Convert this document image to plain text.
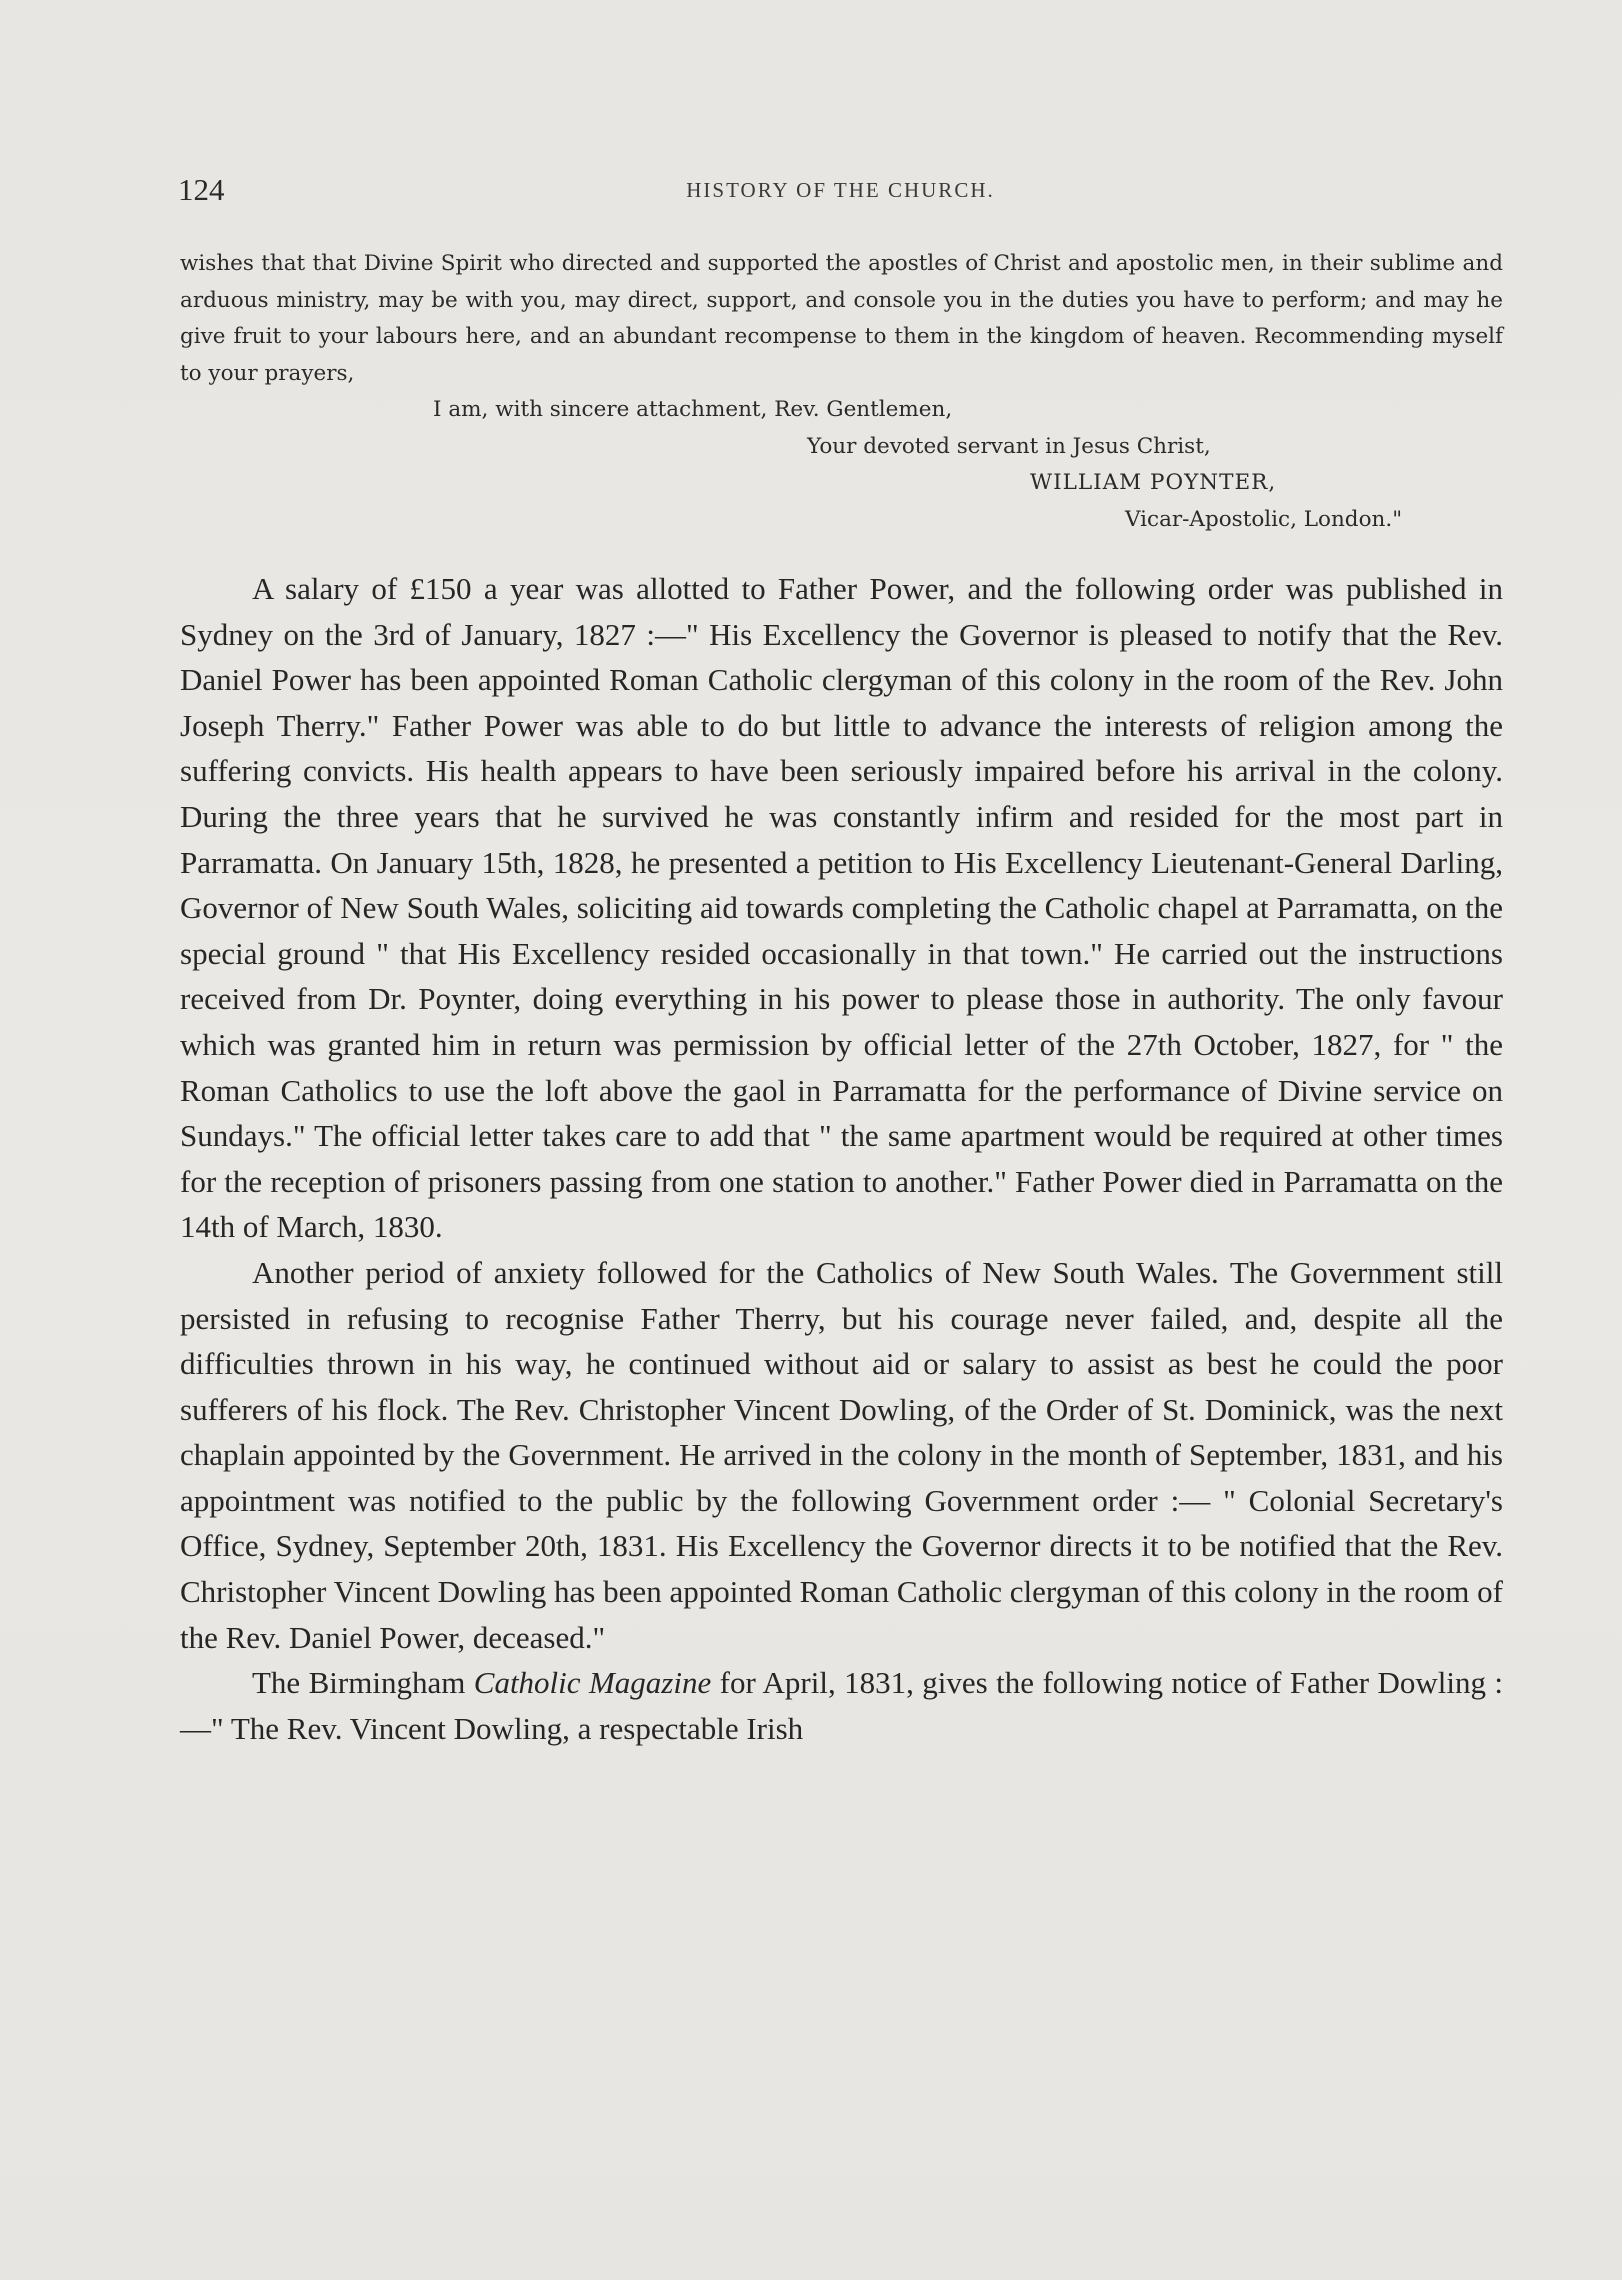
124	HISTORY OF THE CHURCH.

wishes that that Divine Spirit who directed and supported the apostles of Christ and apostolic men, in their sublime and arduous ministry, may be with you, may direct, support, and console you in the duties you have to perform; and may he give fruit to your labours here, and an abundant recompense to them in the kingdom of heaven. Recommending myself to your prayers,

I am, with sincere attachment, Rev. Gentlemen,

Your devoted servant in Jesus Christ,

WILLIAM POYNTER,

Vicar-Apostolic, London."

A salary of £150 a year was allotted to Father Power, and the following order was published in Sydney on the 3rd of January, 1827 :—" His Excellency the Governor is pleased to notify that the Rev. Daniel Power has been appointed Roman Catholic clergyman of this colony in the room of the Rev. John Joseph Therry." Father Power was able to do but little to advance the interests of religion among the suffering convicts. His health appears to have been seriously impaired before his arrival in the colony. During the three years that he survived he was constantly infirm and resided for the most part in Parramatta. On January 15th, 1828, he presented a petition to His Excellency Lieutenant-General Darling, Governor of New South Wales, soliciting aid towards completing the Catholic chapel at Parramatta, on the special ground " that His Excellency resided occasionally in that town." He carried out the instructions received from Dr. Poynter, doing everything in his power to please those in authority. The only favour which was granted him in return was permission by official letter of the 27th October, 1827, for " the Roman Catholics to use the loft above the gaol in Parramatta for the performance of Divine service on Sundays." The official letter takes care to add that " the same apartment would be required at other times for the reception of prisoners passing from one station to another." Father Power died in Parramatta on the 14th of March, 1830.

Another period of anxiety followed for the Catholics of New South Wales. The Government still persisted in refusing to recognise Father Therry, but his courage never failed, and, despite all the difficulties thrown in his way, he continued without aid or salary to assist as best he could the poor sufferers of his flock. The Rev. Christopher Vincent Dowling, of the Order of St. Dominick, was the next chaplain appointed by the Government. He arrived in the colony in the month of September, 1831, and his appointment was notified to the public by the following Government order :— " Colonial Secretary's Office, Sydney, September 20th, 1831. His Excellency the Governor directs it to be notified that the Rev. Christopher Vincent Dowling has been appointed Roman Catholic clergyman of this colony in the room of the Rev. Daniel Power, deceased."

The Birmingham Catholic Magazine for April, 1831, gives the following notice of Father Dowling :—" The Rev. Vincent Dowling, a respectable Irish
